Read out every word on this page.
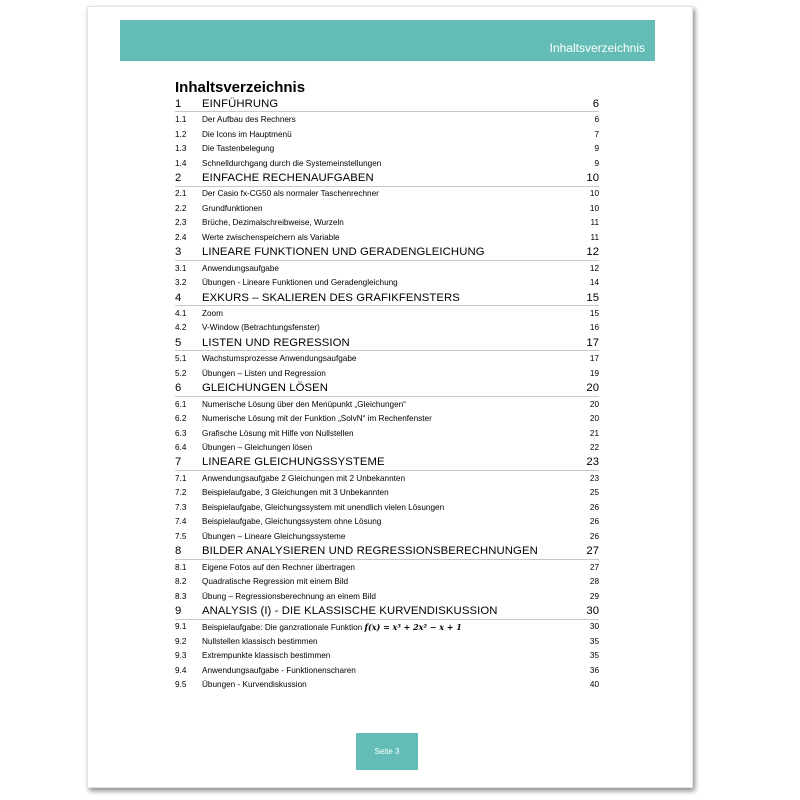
Inhaltsverzeichnis
Inhaltsverzeichnis
1	EINFÜHRUNG	6
1.1	Der Aufbau des Rechners	6
1.2	Die Icons im Hauptmenü	7
1.3	Die Tastenbelegung	9
1.4	Schnelldurchgang durch die Systemeinstellungen	9
2	EINFACHE RECHENAUFGABEN	10
2.1	Der Casio fx-CG50 als normaler Taschenrechner	10
2.2	Grundfunktionen	10
2.3	Brüche, Dezimalschreibweise, Wurzeln	11
2.4	Werte zwischenspeichern als Variable	11
3	LINEARE FUNKTIONEN UND GERADENGLEICHUNG	12
3.1	Anwendungsaufgabe	12
3.2	Übungen - Lineare Funktionen und Geradengleichung	14
4	EXKURS – SKALIEREN DES GRAFIKFENSTERS	15
4.1	Zoom	15
4.2	V-Window (Betrachtungsfenster)	16
5	LISTEN UND REGRESSION	17
5.1	Wachstumsprozesse Anwendungsaufgabe	17
5.2	Übungen – Listen und Regression	19
6	GLEICHUNGEN LÖSEN	20
6.1	Numerische Lösung über den Menüpunkt „Gleichungen“	20
6.2	Numerische Lösung mit der Funktion „SolvN“ im Rechenfenster	20
6.3	Grafische Lösung mit Hilfe von Nullstellen	21
6.4	Übungen – Gleichungen lösen	22
7	LINEARE GLEICHUNGSSYSTEME	23
7.1	Anwendungsaufgabe 2 Gleichungen mit 2 Unbekannten	23
7.2	Beispielaufgabe, 3 Gleichungen mit 3 Unbekannten	25
7.3	Beispielaufgabe, Gleichungssystem mit unendlich vielen Lösungen	26
7.4	Beispielaufgabe, Gleichungssystem ohne Lösung	26
7.5	Übungen – Lineare Gleichungssysteme	26
8	BILDER ANALYSIEREN UND REGRESSIONSBERECHNUNGEN	27
8.1	Eigene Fotos auf den Rechner übertragen	27
8.2	Quadratische Regression mit einem Bild	28
8.3	Übung – Regressionsberechnung an einem Bild	29
9	ANALYSIS (I) - DIE KLASSISCHE KURVENDISKUSSION	30
9.1	Beispielaufgabe: Die ganzrationale Funktion f(x) = x³ + 2x² − x + 1	30
9.2	Nullstellen klassisch bestimmen	35
9.3	Extrempunkte klassisch bestimmen	35
9.4	Anwendungsaufgabe - Funktionenscharen	36
9.5	Übungen - Kurvendiskussion	40
Seite 3
